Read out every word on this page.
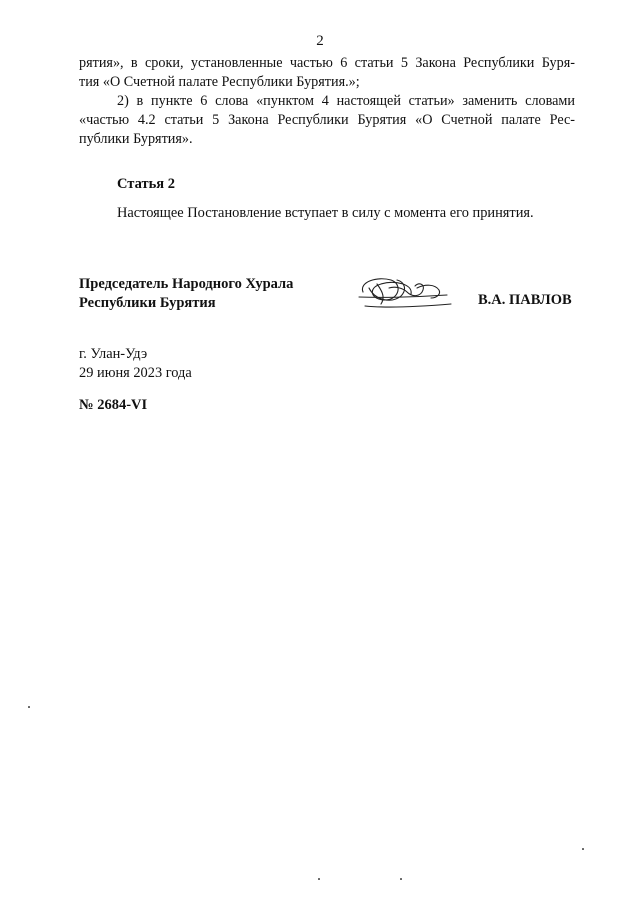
2
рятия», в сроки, установленные частью 6 статьи 5 Закона Республики Буря-
тия «О Счетной палате Республики Бурятия.»;
2) в пункте 6 слова «пунктом 4 настоящей статьи» заменить словами
«частью 4.2 статьи 5 Закона Республики Бурятия «О Счетной палате Рес-
публики Бурятия».
Статья 2
Настоящее Постановление вступает в силу с момента его принятия.
Председатель Народного Хурала
Республики Бурятия	В.А. ПАВЛОВ
г. Улан-Удэ
29 июня 2023 года
№ 2684-VI
